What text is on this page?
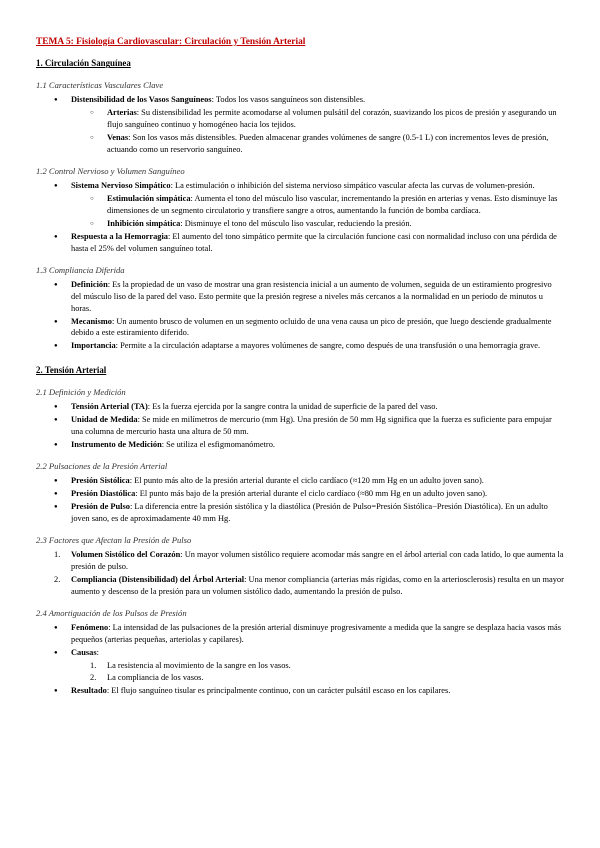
TEMA 5: Fisiología Cardiovascular: Circulación y Tensión Arterial

1. Circulación Sanguínea

1.1 Características Vasculares Clave

● Distensibilidad de los Vasos Sanguíneos: Todos los vasos sanguíneos son distensibles.
○ Arterias: Su distensibilidad les permite acomodarse al volumen pulsátil del corazón, suavizando los picos de presión y asegurando un flujo sanguíneo continuo y homogéneo hacia los tejidos.
○ Venas: Son los vasos más distensibles. Pueden almacenar grandes volúmenes de sangre (0.5-1 L) con incrementos leves de presión, actuando como un reservorio sanguíneo.

1.2 Control Nervioso y Volumen Sanguíneo

● Sistema Nervioso Simpático: La estimulación o inhibición del sistema nervioso simpático vascular afecta las curvas de volumen-presión.
○ Estimulación simpática: Aumenta el tono del músculo liso vascular, incrementando la presión en arterias y venas. Esto disminuye las dimensiones de un segmento circulatorio y transfiere sangre a otros, aumentando la función de bomba cardíaca.
○ Inhibición simpática: Disminuye el tono del músculo liso vascular, reduciendo la presión.
● Respuesta a la Hemorragia: El aumento del tono simpático permite que la circulación funcione casi con normalidad incluso con una pérdida de hasta el 25% del volumen sanguíneo total.

1.3 Compliancia Diferida

● Definición: Es la propiedad de un vaso de mostrar una gran resistencia inicial a un aumento de volumen, seguida de un estiramiento progresivo del músculo liso de la pared del vaso. Esto permite que la presión regrese a niveles más cercanos a la normalidad en un periodo de minutos u horas.
● Mecanismo: Un aumento brusco de volumen en un segmento ocluido de una vena causa un pico de presión, que luego desciende gradualmente debido a este estiramiento diferido.
● Importancia: Permite a la circulación adaptarse a mayores volúmenes de sangre, como después de una transfusión o una hemorragia grave.

2. Tensión Arterial

2.1 Definición y Medición

● Tensión Arterial (TA): Es la fuerza ejercida por la sangre contra la unidad de superficie de la pared del vaso.
● Unidad de Medida: Se mide en milímetros de mercurio (mm Hg). Una presión de 50 mm Hg significa que la fuerza es suficiente para empujar una columna de mercurio hasta una altura de 50 mm.
● Instrumento de Medición: Se utiliza el esfigmomanómetro.

2.2 Pulsaciones de la Presión Arterial

● Presión Sistólica: El punto más alto de la presión arterial durante el ciclo cardíaco (≈120 mm Hg en un adulto joven sano).
● Presión Diastólica: El punto más bajo de la presión arterial durante el ciclo cardíaco (≈80 mm Hg en un adulto joven sano).
● Presión de Pulso: La diferencia entre la presión sistólica y la diastólica (Presión de Pulso=Presión Sistólica−Presión Diastólica). En un adulto joven sano, es de aproximadamente 40 mm Hg.

2.3 Factores que Afectan la Presión de Pulso

1. Volumen Sistólico del Corazón: Un mayor volumen sistólico requiere acomodar más sangre en el árbol arterial con cada latido, lo que aumenta la presión de pulso.
2. Compliancia (Distensibilidad) del Árbol Arterial: Una menor compliancia (arterias más rígidas, como en la arteriosclerosis) resulta en un mayor aumento y descenso de la presión para un volumen sistólico dado, aumentando la presión de pulso.

2.4 Amortiguación de los Pulsos de Presión

● Fenómeno: La intensidad de las pulsaciones de la presión arterial disminuye progresivamente a medida que la sangre se desplaza hacia vasos más pequeños (arterias pequeñas, arteriolas y capilares).
● Causas:
1. La resistencia al movimiento de la sangre en los vasos.
2. La compliancia de los vasos.
● Resultado: El flujo sanguíneo tisular es principalmente continuo, con un carácter pulsátil escaso en los capilares.
